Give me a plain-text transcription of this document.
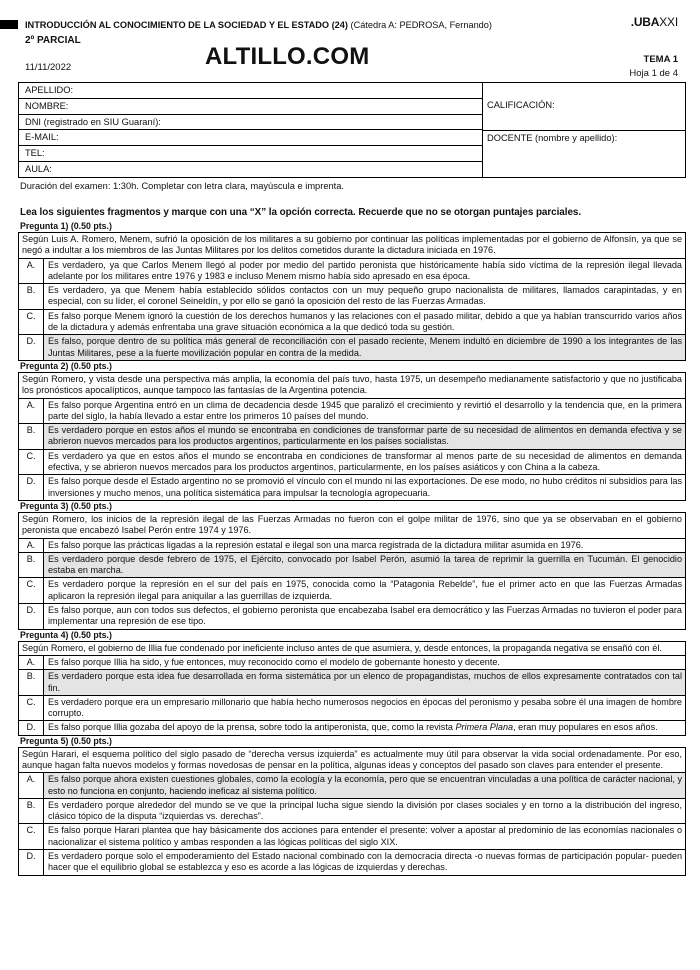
INTRODUCCIÓN AL CONOCIMIENTO DE LA SOCIEDAD Y EL ESTADO (24) (Cátedra A: PEDROSA, Fernando)	.UBAXXI
2º PARCIAL
11/11/2022	ALTILLO.COM	TEMA 1
Hoja 1 de 4
APELLIDO:
NOMBRE:
DNI (registrado en SIU Guaraní):
E-MAIL:
TEL:
AULA:
CALIFICACIÓN:
DOCENTE (nombre y apellido):
Duración del examen: 1:30h. Completar con letra clara, mayúscula e imprenta.
Lea los siguientes fragmentos y marque con una “X” la opción correcta. Recuerde que no se otorgan puntajes parciales.
Pregunta 1) (0.50 pts.)
Según Luis A. Romero, Menem, sufrió la oposición de los militares a su gobierno por continuar las políticas implementadas por el gobierno de Alfonsín, ya que se negó a indultar a los miembros de las Juntas Militares por los delitos cometidos durante la dictadura iniciada en 1976.
A.	Es verdadero, ya que Carlos Menem llegó al poder por medio del partido peronista que históricamente había sido víctima de la represión ilegal llevada adelante por los militares entre 1976 y 1983 e incluso Menem mismo había sido apresado en esa época.
B.	Es verdadero, ya que Menem había establecido sólidos contactos con un muy pequeño grupo nacionalista de militares, llamados carapintadas, y en especial, con su líder, el coronel Seineldín, y por ello se ganó la oposición del resto de las Fuerzas Armadas.
C.	Es falso porque Menem ignoró la cuestión de los derechos humanos y las relaciones con el pasado militar, debido a que ya habían transcurrido varios años de la dictadura y además enfrentaba una grave situación económica a la que dedicó toda su gestión.
D.	Es falso, porque dentro de su política más general de reconciliación con el pasado reciente, Menem indultó en diciembre de 1990 a los integrantes de las Juntas Militares, pese a la fuerte movilización popular en contra de la medida.
Pregunta 2) (0.50 pts.)
Según Romero, y vista desde una perspectiva más amplia, la economía del país tuvo, hasta 1975, un desempeño medianamente satisfactorio y que no justificaba los pronósticos apocalípticos, aunque tampoco las fantasías de la Argentina potencia.
A.	Es falso porque Argentina entró en un clima de decadencia desde 1945 que paralizó el crecimiento y revirtió el desarrollo y la tendencia que, en la primera parte del siglo, la había llevado a estar entre los primeros 10 países del mundo.
B.	Es verdadero porque en estos años el mundo se encontraba en condiciones de transformar parte de su necesidad de alimentos en demanda efectiva y se abrieron nuevos mercados para los productos argentinos, particularmente en los países socialistas.
C.	Es verdadero ya que en estos años el mundo se encontraba en condiciones de transformar al menos parte de su necesidad de alimentos en demanda efectiva, y se abrieron nuevos mercados para los productos argentinos, particularmente, en los países asiáticos y con China a la cabeza.
D.	Es falso porque desde el Estado argentino no se promovió el vínculo con el mundo ni las exportaciones. De ese modo, no hubo créditos ni subsidios para las inversiones y mucho menos, una política sistemática para impulsar la tecnología agropecuaria.
Pregunta 3) (0.50 pts.)
Según Romero, los inicios de la represión ilegal de las Fuerzas Armadas no fueron con el golpe militar de 1976, sino que ya se observaban en el gobierno peronista que encabezó Isabel Perón entre 1974 y 1976.
A.	Es falso porque las prácticas ligadas a la represión estatal e ilegal son una marca registrada de la dictadura militar asumida en 1976.
B.	Es verdadero porque desde febrero de 1975, el Ejército, convocado por Isabel Perón, asumió la tarea de reprimir la guerrilla en Tucumán. El genocidio estaba en marcha.
C.	Es verdadero porque la represión en el sur del país en 1975, conocida como la “Patagonia Rebelde”, fue el primer acto en que las Fuerzas Armadas aplicaron la represión ilegal para aniquilar a las guerrillas de izquierda.
D.	Es falso porque, aun con todos sus defectos, el gobierno peronista que encabezaba Isabel era democrático y las Fuerzas Armadas no tuvieron el poder para implementar una represión de ese tipo.
Pregunta 4) (0.50 pts.)
Según Romero, el gobierno de Illia fue condenado por ineficiente incluso antes de que asumiera, y, desde entonces, la propaganda negativa se ensañó con él.
A.	Es falso porque Illia ha sido, y fue entonces, muy reconocido como el modelo de gobernante honesto y decente.
B.	Es verdadero porque esta idea fue desarrollada en forma sistemática por un elenco de propagandistas, muchos de ellos expresamente contratados con tal fin.
C.	Es verdadero porque era un empresario millonario que había hecho numerosos negocios en épocas del peronismo y pesaba sobre él una imagen de hombre corrupto.
D.	Es falso porque Illia gozaba del apoyo de la prensa, sobre todo la antiperonista, que, como la revista Primera Plana, eran muy populares en esos años.
Pregunta 5) (0.50 pts.)
Según Harari, el esquema político del siglo pasado de “derecha versus izquierda” es actualmente muy útil para observar la vida social ordenadamente. Por eso, aunque hagan falta nuevos modelos y formas novedosas de pensar en la política, algunas ideas y conceptos del pasado son claves para entender el presente.
A.	Es falso porque ahora existen cuestiones globales, como la ecología y la economía, pero que se encuentran vinculadas a una política de carácter nacional, y esto no funciona en conjunto, haciendo ineficaz al sistema político.
B.	Es verdadero porque alrededor del mundo se ve que la principal lucha sigue siendo la división por clases sociales y en torno a la distribución del ingreso, clásico tópico de la disputa “izquierdas vs. derechas”.
C.	Es falso porque Harari plantea que hay básicamente dos acciones para entender el presente: volver a apostar al predominio de las economías nacionales o nacionalizar el sistema político y ambas responden a las lógicas políticas del siglo XIX.
D.	Es verdadero porque solo el empoderamiento del Estado nacional combinado con la democracia directa -o nuevas formas de participación popular- pueden hacer que el equilibrio global se establezca y eso es acorde a las lógicas de izquierdas y derechas.
